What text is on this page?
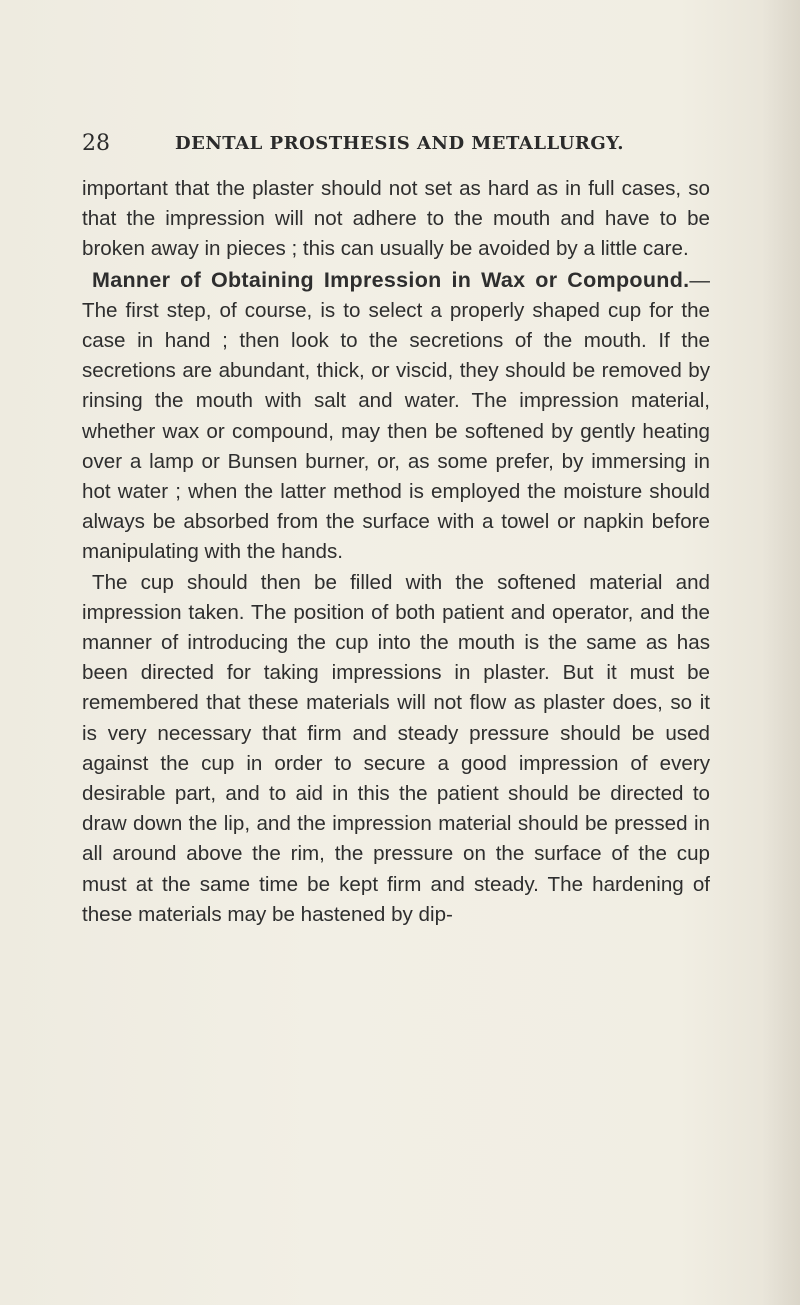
28	DENTAL PROSTHESIS AND METALLURGY.

important that the plaster should not set as hard as in full cases, so that the impression will not adhere to the mouth and have to be broken away in pieces ; this can usually be avoided by a little care.

Manner of Obtaining Impression in Wax or Compound.—The first step, of course, is to select a properly shaped cup for the case in hand ; then look to the secretions of the mouth. If the secretions are abundant, thick, or viscid, they should be removed by rinsing the mouth with salt and water. The impression material, whether wax or compound, may then be softened by gently heating over a lamp or Bunsen burner, or, as some prefer, by immersing in hot water ; when the latter method is employed the moisture should always be absorbed from the surface with a towel or napkin before manipulating with the hands.

The cup should then be filled with the softened material and impression taken. The position of both patient and operator, and the manner of introducing the cup into the mouth is the same as has been directed for taking impressions in plaster. But it must be remembered that these materials will not flow as plaster does, so it is very necessary that firm and steady pressure should be used against the cup in order to secure a good impression of every desirable part, and to aid in this the patient should be directed to draw down the lip, and the impression material should be pressed in all around above the rim, the pressure on the surface of the cup must at the same time be kept firm and steady. The hardening of these materials may be hastened by dip-
